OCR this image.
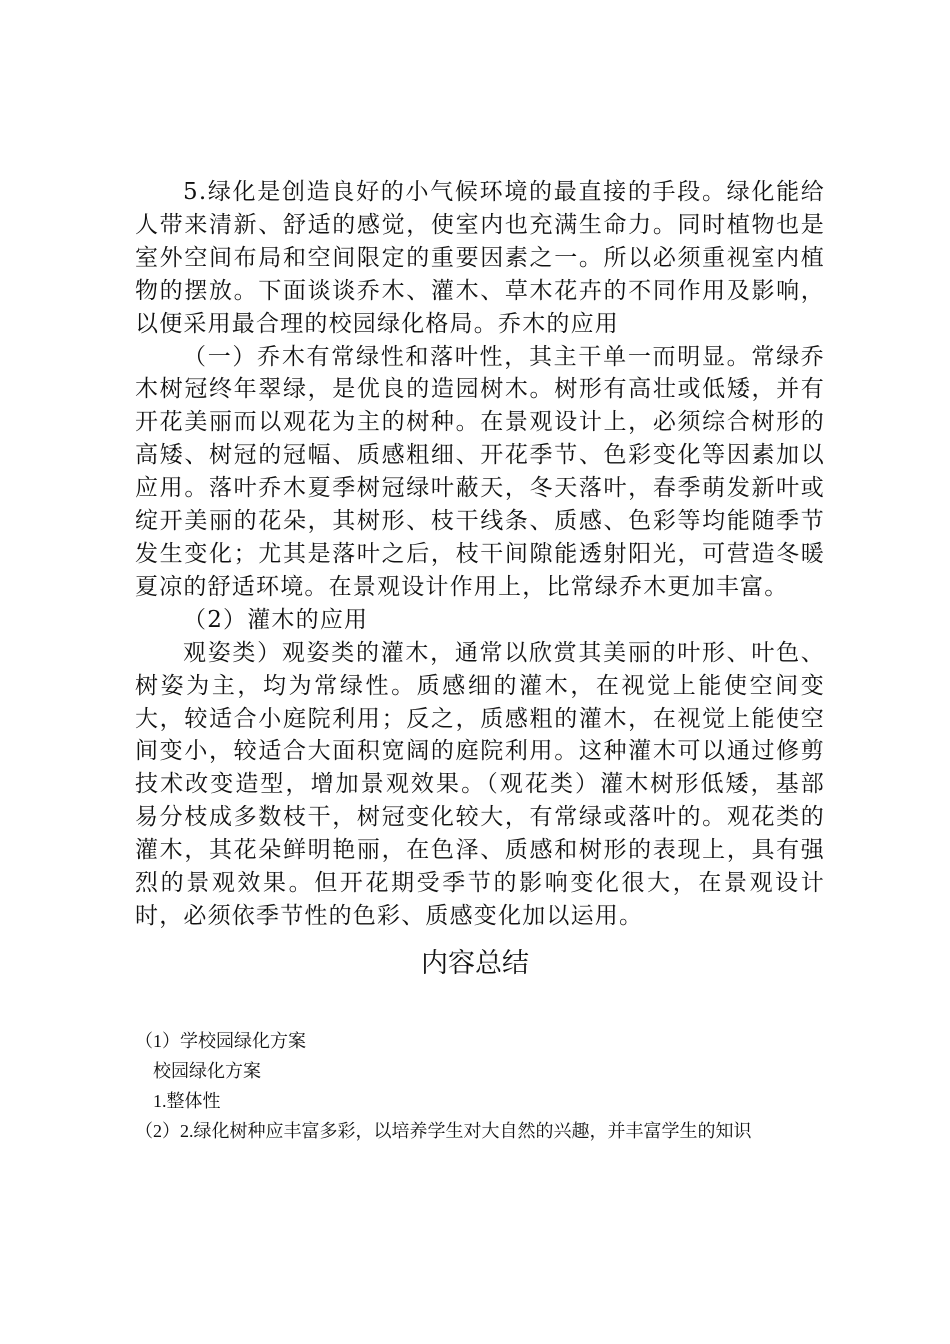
5.绿化是创造良好的小气候环境的最直接的手段。绿化能给人带来清新、舒适的感觉，使室内也充满生命力。同时植物也是室外空间布局和空间限定的重要因素之一。所以必须重视室内植物的摆放。下面谈谈乔木、灌木、草木花卉的不同作用及影响，以便采用最合理的校园绿化格局。乔木的应用

（一）乔木有常绿性和落叶性，其主干单一而明显。常绿乔木树冠终年翠绿，是优良的造园树木。树形有高壮或低矮，并有开花美丽而以观花为主的树种。在景观设计上，必须综合树形的高矮、树冠的冠幅、质感粗细、开花季节、色彩变化等因素加以应用。落叶乔木夏季树冠绿叶蔽天，冬天落叶，春季萌发新叶或绽开美丽的花朵，其树形、枝干线条、质感、色彩等均能随季节发生变化；尤其是落叶之后，枝干间隙能透射阳光，可营造冬暖夏凉的舒适环境。在景观设计作用上，比常绿乔木更加丰富。

（2）灌木的应用

观姿类）观姿类的灌木，通常以欣赏其美丽的叶形、叶色、树姿为主，均为常绿性。质感细的灌木，在视觉上能使空间变大，较适合小庭院利用；反之，质感粗的灌木，在视觉上能使空间变小，较适合大面积宽阔的庭院利用。这种灌木可以通过修剪技术改变造型，增加景观效果。（观花类）灌木树形低矮，基部易分枝成多数枝干，树冠变化较大，有常绿或落叶的。观花类的灌木，其花朵鲜明艳丽，在色泽、质感和树形的表现上，具有强烈的景观效果。但开花期受季节的影响变化很大，在景观设计时，必须依季节性的色彩、质感变化加以运用。

内容总结

（1）学校园绿化方案

校园绿化方案

1.整体性

（2）2.绿化树种应丰富多彩，以培养学生对大自然的兴趣，并丰富学生的知识
